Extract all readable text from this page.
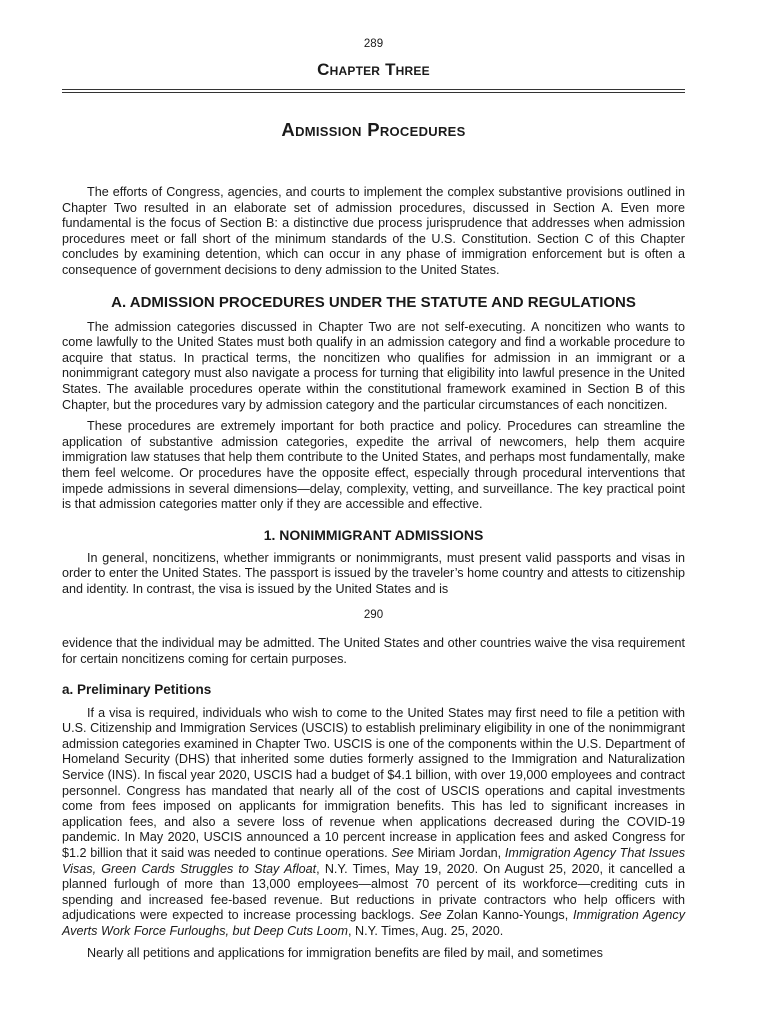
289

Chapter Three
Admission Procedures

The efforts of Congress, agencies, and courts to implement the complex substantive provisions outlined in Chapter Two resulted in an elaborate set of admission procedures, discussed in Section A. Even more fundamental is the focus of Section B: a distinctive due process jurisprudence that addresses when admission procedures meet or fall short of the minimum standards of the U.S. Constitution. Section C of this Chapter concludes by examining detention, which can occur in any phase of immigration enforcement but is often a consequence of government decisions to deny admission to the United States.

A. ADMISSION PROCEDURES UNDER THE STATUTE AND REGULATIONS

The admission categories discussed in Chapter Two are not self-executing. A noncitizen who wants to come lawfully to the United States must both qualify in an admission category and find a workable procedure to acquire that status. In practical terms, the noncitizen who qualifies for admission in an immigrant or a nonimmigrant category must also navigate a process for turning that eligibility into lawful presence in the United States. The available procedures operate within the constitutional framework examined in Section B of this Chapter, but the procedures vary by admission category and the particular circumstances of each noncitizen.

These procedures are extremely important for both practice and policy. Procedures can streamline the application of substantive admission categories, expedite the arrival of newcomers, help them acquire immigration law statuses that help them contribute to the United States, and perhaps most fundamentally, make them feel welcome. Or procedures have the opposite effect, especially through procedural interventions that impede admissions in several dimensions—delay, complexity, vetting, and surveillance. The key practical point is that admission categories matter only if they are accessible and effective.

1. NONIMMIGRANT ADMISSIONS

In general, noncitizens, whether immigrants or nonimmigrants, must present valid passports and visas in order to enter the United States. The passport is issued by the traveler’s home country and attests to citizenship and identity. In contrast, the visa is issued by the United States and is

290

evidence that the individual may be admitted. The United States and other countries waive the visa requirement for certain noncitizens coming for certain purposes.

a. Preliminary Petitions

If a visa is required, individuals who wish to come to the United States may first need to file a petition with U.S. Citizenship and Immigration Services (USCIS) to establish preliminary eligibility in one of the nonimmigrant admission categories examined in Chapter Two. USCIS is one of the components within the U.S. Department of Homeland Security (DHS) that inherited some duties formerly assigned to the Immigration and Naturalization Service (INS). In fiscal year 2020, USCIS had a budget of $4.1 billion, with over 19,000 employees and contract personnel. Congress has mandated that nearly all of the cost of USCIS operations and capital investments come from fees imposed on applicants for immigration benefits. This has led to significant increases in application fees, and also a severe loss of revenue when applications decreased during the COVID-19 pandemic. In May 2020, USCIS announced a 10 percent increase in application fees and asked Congress for $1.2 billion that it said was needed to continue operations. See Miriam Jordan, Immigration Agency That Issues Visas, Green Cards Struggles to Stay Afloat, N.Y. Times, May 19, 2020. On August 25, 2020, it cancelled a planned furlough of more than 13,000 employees—almost 70 percent of its workforce—crediting cuts in spending and increased fee-based revenue. But reductions in private contractors who help officers with adjudications were expected to increase processing backlogs. See Zolan Kanno-Youngs, Immigration Agency Averts Work Force Furloughs, but Deep Cuts Loom, N.Y. Times, Aug. 25, 2020.

Nearly all petitions and applications for immigration benefits are filed by mail, and sometimes
